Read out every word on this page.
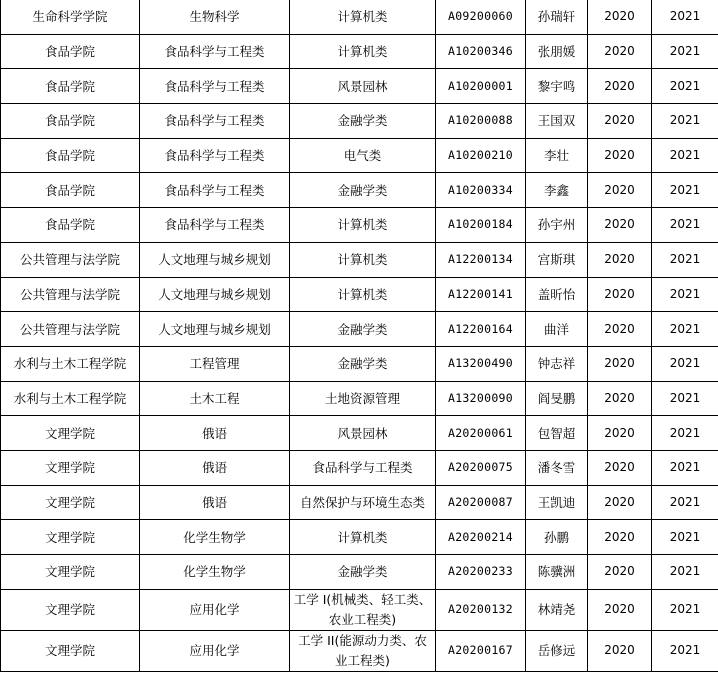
生命科学学院	生物科学	计算机类	A09200060	孙瑞轩	2020	2021
食品学院	食品科学与工程类	计算机类	A10200346	张朋媛	2020	2021
食品学院	食品科学与工程类	风景园林	A10200001	黎宇鸣	2020	2021
食品学院	食品科学与工程类	金融学类	A10200088	王国双	2020	2021
食品学院	食品科学与工程类	电气类	A10200210	李壮	2020	2021
食品学院	食品科学与工程类	金融学类	A10200334	李鑫	2020	2021
食品学院	食品科学与工程类	计算机类	A10200184	孙宇州	2020	2021
公共管理与法学院	人文地理与城乡规划	计算机类	A12200134	宫斯琪	2020	2021
公共管理与法学院	人文地理与城乡规划	计算机类	A12200141	盖昕怡	2020	2021
公共管理与法学院	人文地理与城乡规划	金融学类	A12200164	曲洋	2020	2021
水利与土木工程学院	工程管理	金融学类	A13200490	钟志祥	2020	2021
水利与土木工程学院	土木工程	土地资源管理	A13200090	阎旻鹏	2020	2021
文理学院	俄语	风景园林	A20200061	包智超	2020	2021
文理学院	俄语	食品科学与工程类	A20200075	潘冬雪	2020	2021
文理学院	俄语	自然保护与环境生态类	A20200087	王凯迪	2020	2021
文理学院	化学生物学	计算机类	A20200214	孙鹏	2020	2021
文理学院	化学生物学	金融学类	A20200233	陈骥洲	2020	2021
文理学院	应用化学	工学 I(机械类、轻工类、农业工程类)	A20200132	林靖尧	2020	2021
文理学院	应用化学	工学 II(能源动力类、农业工程类)	A20200167	岳修远	2020	2021
